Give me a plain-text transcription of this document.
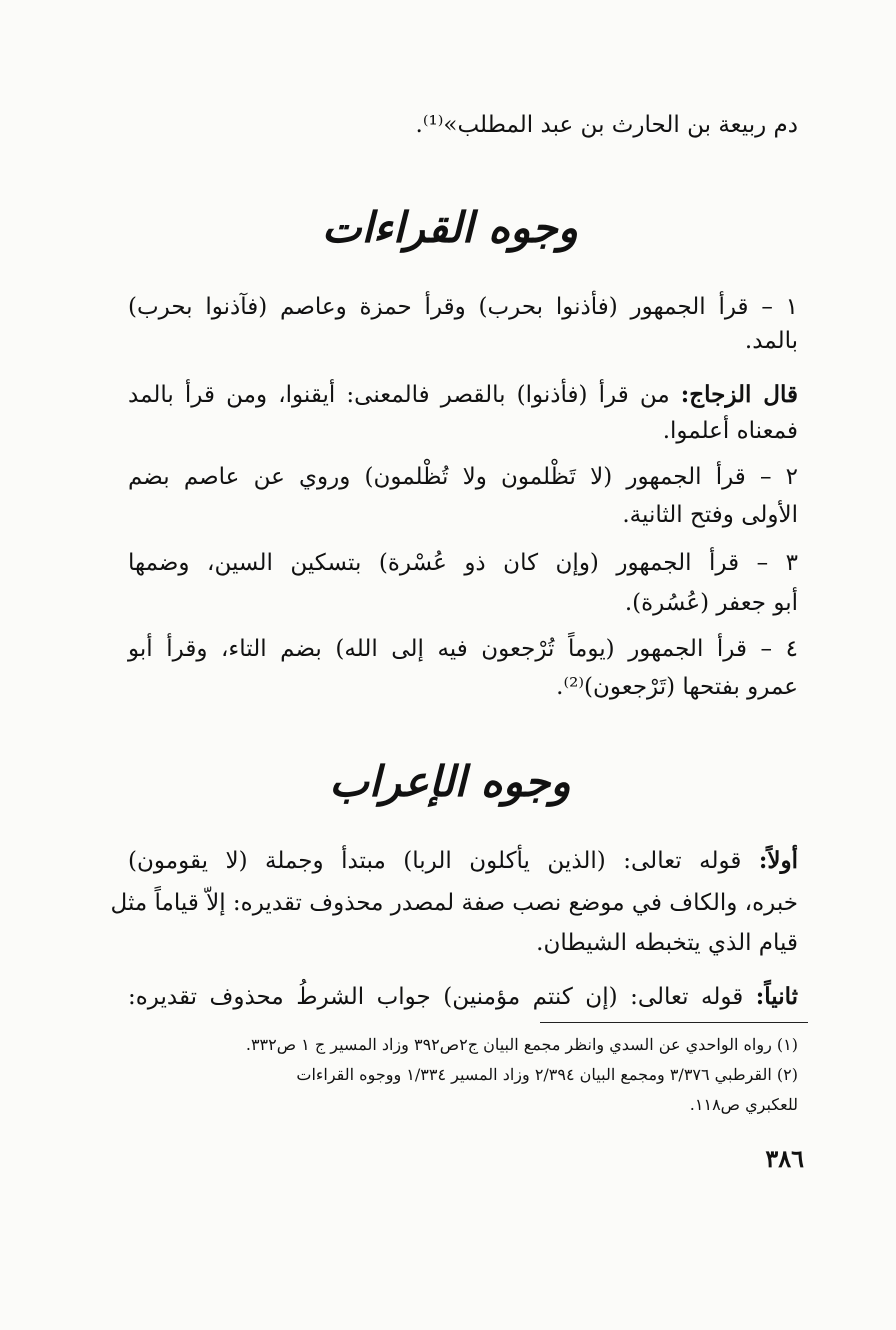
دم ربيعة بن الحارث بن عبد المطلب»⁽¹⁾.
وجوه القراءات
١ – قرأ الجمهور (فأذنوا بحرب) وقرأ حمزة وعاصم (فآذنوا بحرب)
بالمد.
قال الزجاج: من قرأ (فأذنوا) بالقصر فالمعنى: أيقنوا، ومن قرأ بالمد
فمعناه أعلموا.
٢ – قرأ الجمهور (لا تَظْلمون ولا تُظْلمون) وروي عن عاصم بضم
الأولى وفتح الثانية.
٣ – قرأ الجمهور (وإن كان ذو عُسْرة) بتسكين السين، وضمها
أبو جعفر (عُسُرة).
٤ – قرأ الجمهور (يوماً تُرْجعون فيه إلى الله) بضم التاء، وقرأ أبو
عمرو بفتحها (تَرْجعون)⁽²⁾.
وجوه الإعراب
أولاً: قوله تعالى: (الذين يأكلون الربا) مبتدأ وجملة (لا يقومون)
خبره، والكاف في موضع نصب صفة لمصدر محذوف تقديره: إلاّ قياماً مثل
قيام الذي يتخبطه الشيطان.
ثانياً: قوله تعالى: (إن كنتم مؤمنين) جواب الشرطُ محذوف تقديره:
(١) رواه الواحدي عن السدي وانظر مجمع البيان ج٢ص٣٩٢ وزاد المسير ج ١ ص٣٣٢.
(٢) القرطبي ٣/٣٧٦ ومجمع البيان ٢/٣٩٤ وزاد المسير ١/٣٣٤ ووجوه القراءات
للعكبري ص١١٨.
٣٨٦
